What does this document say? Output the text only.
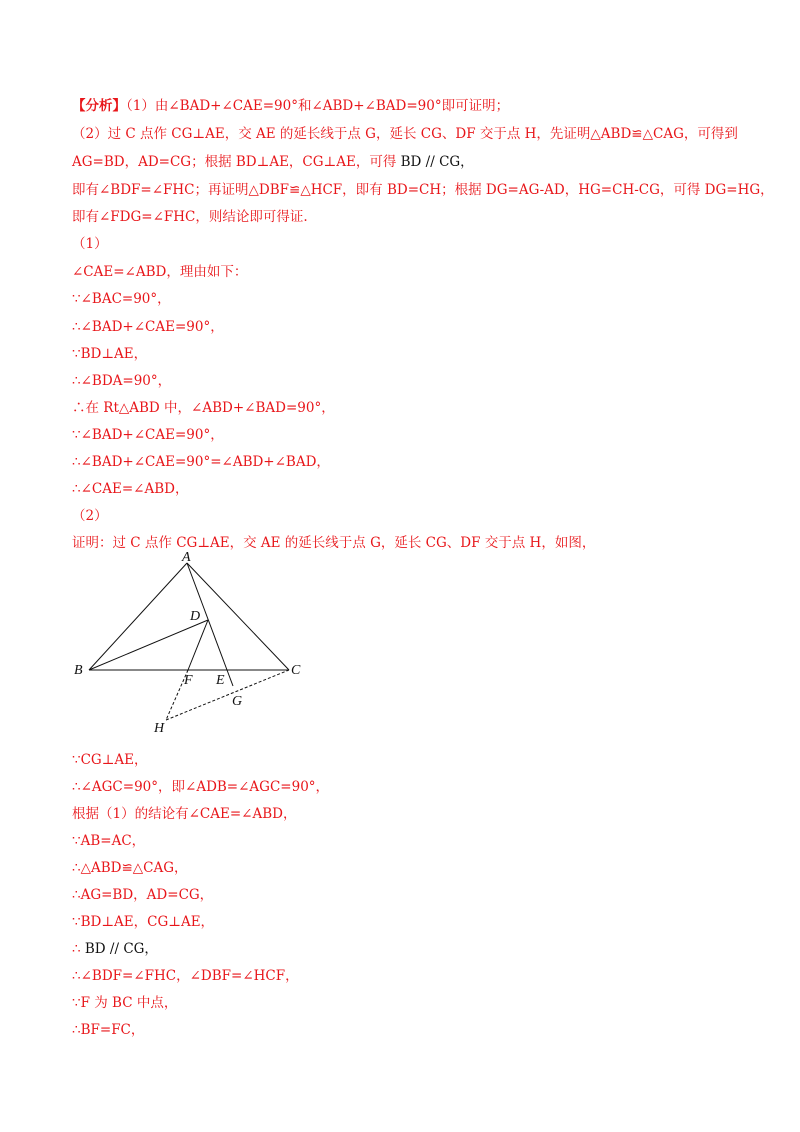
【分析】（1）由∠BAD+∠CAE=90°和∠ABD+∠BAD=90°即可证明；
（2）过 C 点作 CG⊥AE，交 AE 的延长线于点 G，延长 CG、DF 交于点 H，先证明△ABD≌△CAG，可得到
AG=BD，AD=CG；根据 BD⊥AE，CG⊥AE，可得 BD // CG，
即有∠BDF=∠FHC；再证明△DBF≌△HCF，即有 BD=CH；根据 DG=AG-AD，HG=CH-CG，可得 DG=HG，
即有∠FDG=∠FHC，则结论即可得证.
（1）
∠CAE=∠ABD，理由如下：
∵∠BAC=90°，
∴∠BAD+∠CAE=90°，
∵BD⊥AE，
∴∠BDA=90°，
∴在 Rt△ABD 中，∠ABD+∠BAD=90°，
∵∠BAD+∠CAE=90°，
∴∠BAD+∠CAE=90°=∠ABD+∠BAD，
∴∠CAE=∠ABD，
（2）
证明：过 C 点作 CG⊥AE，交 AE 的延长线于点 G，延长 CG、DF 交于点 H，如图，
A
B	C
D
E
F
G
H
∵CG⊥AE，
∴∠AGC=90°，即∠ADB=∠AGC=90°，
根据（1）的结论有∠CAE=∠ABD，
∵AB=AC，
∴△ABD≌△CAG，
∴AG=BD，AD=CG，
∵BD⊥AE，CG⊥AE，
∴ BD // CG，
∴∠BDF=∠FHC，∠DBF=∠HCF，
∵F 为 BC 中点，
∴BF=FC，
